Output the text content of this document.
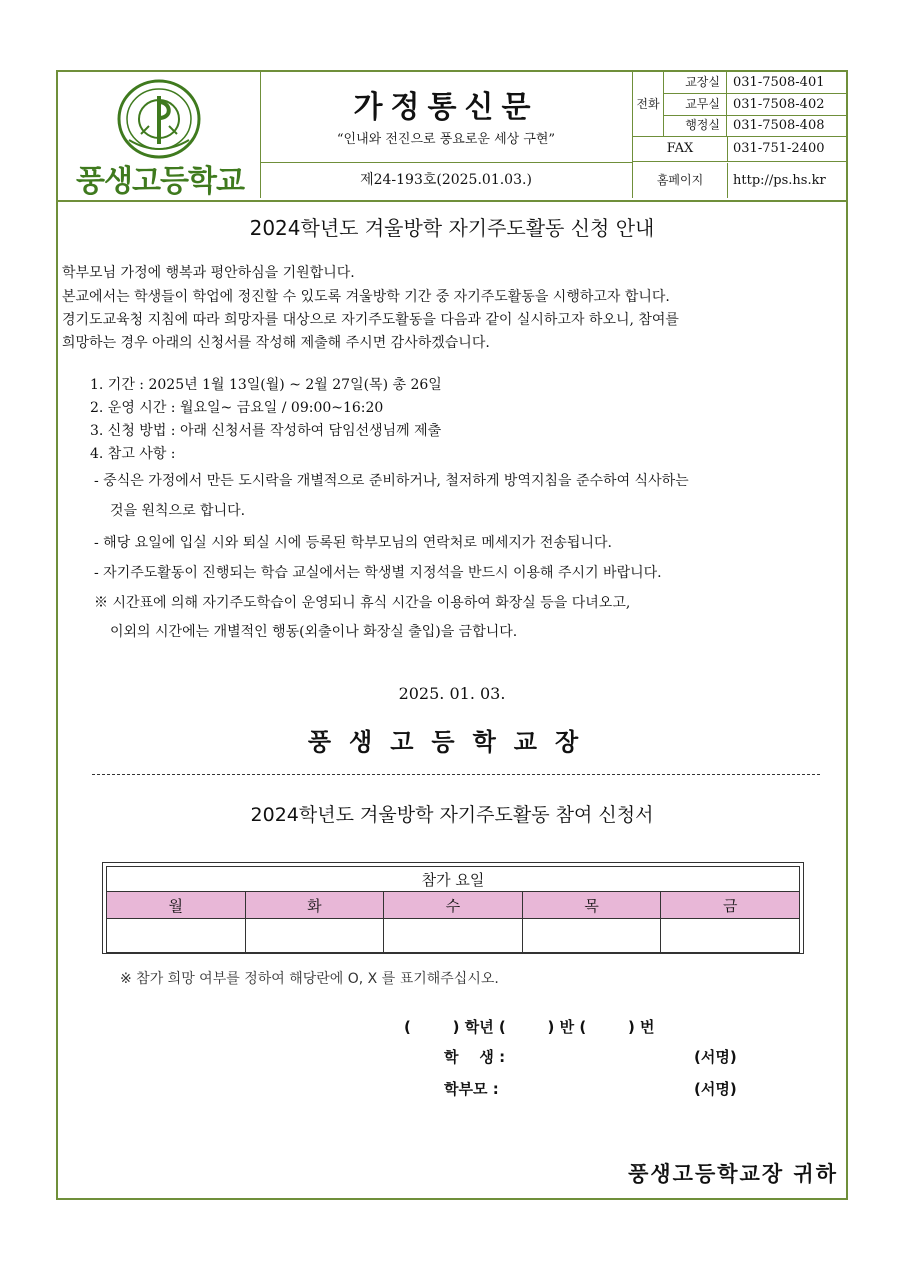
풍생고등학교
가정통신문
“인내와 전진으로 풍요로운 세상 구현”
제24-193호(2025.01.03.)
전화
교장실	031-7508-401
교무실	031-7508-402
행정실	031-7508-408
FAX	031-751-2400
홈페이지	http://ps.hs.kr
2024학년도 겨울방학 자기주도활동 신청 안내
학부모님 가정에 행복과 평안하심을 기원합니다.
본교에서는 학생들이 학업에 정진할 수 있도록 겨울방학 기간 중 자기주도활동을 시행하고자 합니다.
경기도교육청 지침에 따라 희망자를 대상으로 자기주도활동을 다음과 같이 실시하고자 하오니, 참여를
희망하는 경우 아래의 신청서를 작성해 제출해 주시면 감사하겠습니다.
1. 기간 : 2025년 1월 13일(월) ~ 2월 27일(목) 총 26일
2. 운영 시간 : 월요일~ 금요일 / 09:00~16:20
3. 신청 방법 : 아래 신청서를 작성하여 담임선생님께 제출
4. 참고 사항 :
- 중식은 가정에서 만든 도시락을 개별적으로 준비하거나, 철저하게 방역지침을 준수하여 식사하는
것을 원칙으로 합니다.
- 해당 요일에 입실 시와 퇴실 시에 등록된 학부모님의 연락처로 메세지가 전송됩니다.
- 자기주도활동이 진행되는 학습 교실에서는 학생별 지정석을 반드시 이용해 주시기 바랍니다.
※ 시간표에 의해 자기주도학습이 운영되니 휴식 시간을 이용하여 화장실 등을 다녀오고,
이외의 시간에는 개별적인 행동(외출이나 화장실 출입)을 금합니다.
2025. 01. 03.
풍생고등학교장
2024학년도 겨울방학 자기주도활동 참여 신청서
참가 요일				
월	화	수	목	금

※ 참가 희망 여부를 정하여 해당란에 O, X 를 표기해주십시오.
(        ) 학년 (        ) 반 (        ) 번
학    생 :	(서명)
학부모 :	(서명)
풍생고등학교장 귀하
